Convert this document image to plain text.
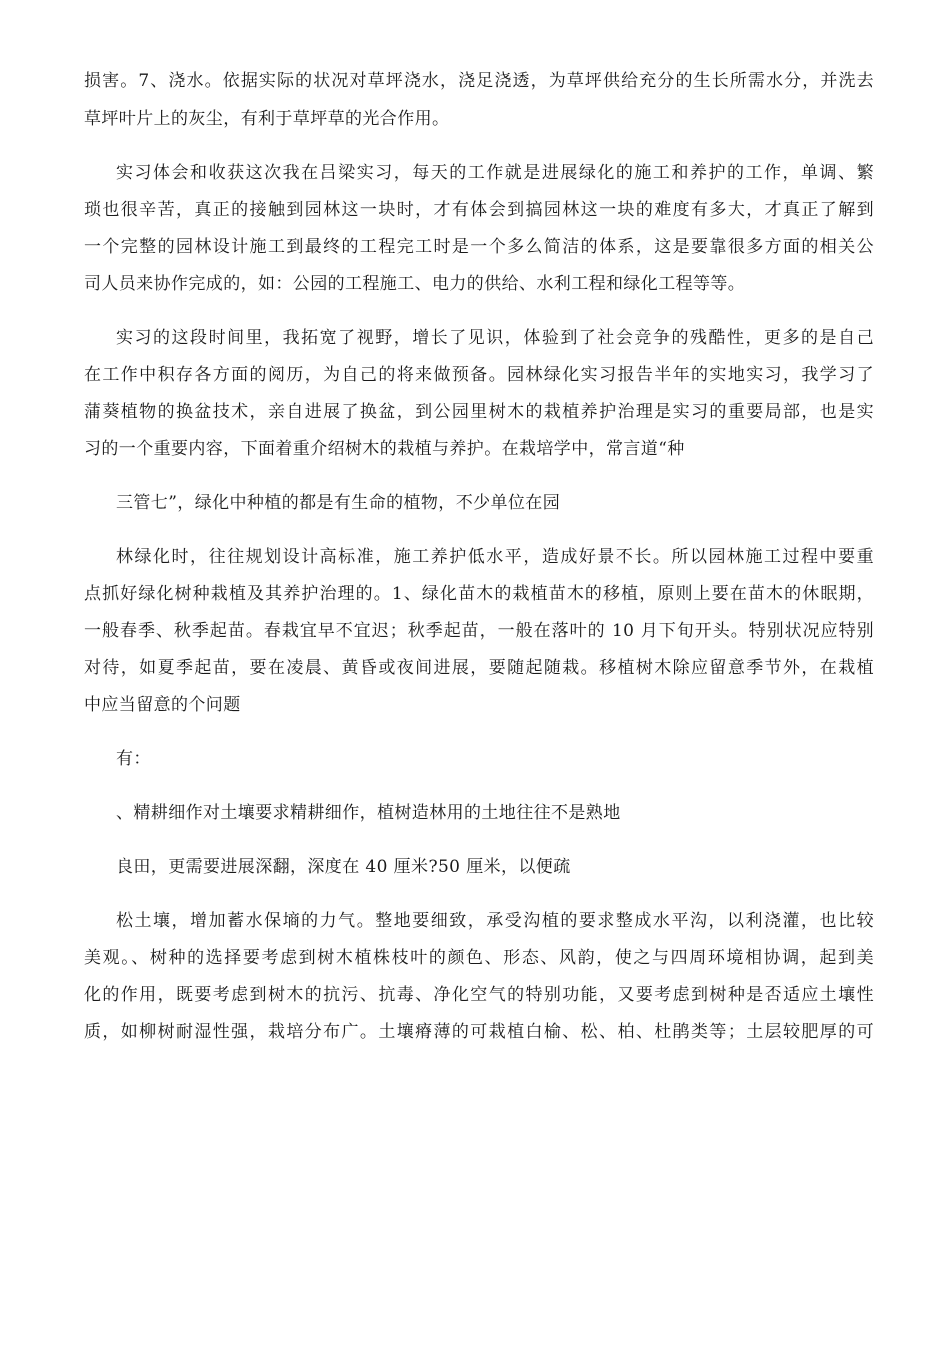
损害。7、浇水。依据实际的状况对草坪浇水，浇足浇透，为草坪供给充分的生长所需水分，并洗去
草坪叶片上的灰尘，有利于草坪草的光合作用。
实习体会和收获这次我在吕梁实习，每天的工作就是进展绿化的施工和养护的工作，单调、繁
琐也很辛苦，真正的接触到园林这一块时，才有体会到搞园林这一块的难度有多大，才真正了解到
一个完整的园林设计施工到最终的工程完工时是一个多么简洁的体系，这是要靠很多方面的相关公
司人员来协作完成的，如：公园的工程施工、电力的供给、水利工程和绿化工程等等。
实习的这段时间里，我拓宽了视野，增长了见识，体验到了社会竞争的残酷性，更多的是自己
在工作中积存各方面的阅历，为自己的将来做预备。园林绿化实习报告半年的实地实习，我学习了
蒲葵植物的换盆技术，亲自进展了换盆，到公园里树木的栽植养护治理是实习的重要局部，也是实
习的一个重要内容，下面着重介绍树木的栽植与养护。在栽培学中，常言道“种
三管七”，绿化中种植的都是有生命的植物，不少单位在园
林绿化时，往往规划设计高标准，施工养护低水平，造成好景不长。所以园林施工过程中要重
点抓好绿化树种栽植及其养护治理的。1、绿化苗木的栽植苗木的移植，原则上要在苗木的休眠期，
一般春季、秋季起苗。春栽宜早不宜迟；秋季起苗，一般在落叶的 10 月下旬开头。特别状况应特别
对待，如夏季起苗，要在凌晨、黄昏或夜间进展，要随起随栽。移植树木除应留意季节外，在栽植
中应当留意的个问题
有：
、精耕细作对土壤要求精耕细作，植树造林用的土地往往不是熟地
良田，更需要进展深翻，深度在 40 厘米?50 厘米，以便疏
松土壤，增加蓄水保墒的力气。整地要细致，承受沟植的要求整成水平沟，以利浇灌，也比较
美观。、树种的选择要考虑到树木植株枝叶的颜色、形态、风韵，使之与四周环境相协调，起到美
化的作用，既要考虑到树木的抗污、抗毒、净化空气的特别功能，又要考虑到树种是否适应土壤性
质，如柳树耐湿性强，栽培分布广。土壤瘠薄的可栽植白榆、松、柏、杜鹃类等；土层较肥厚的可
